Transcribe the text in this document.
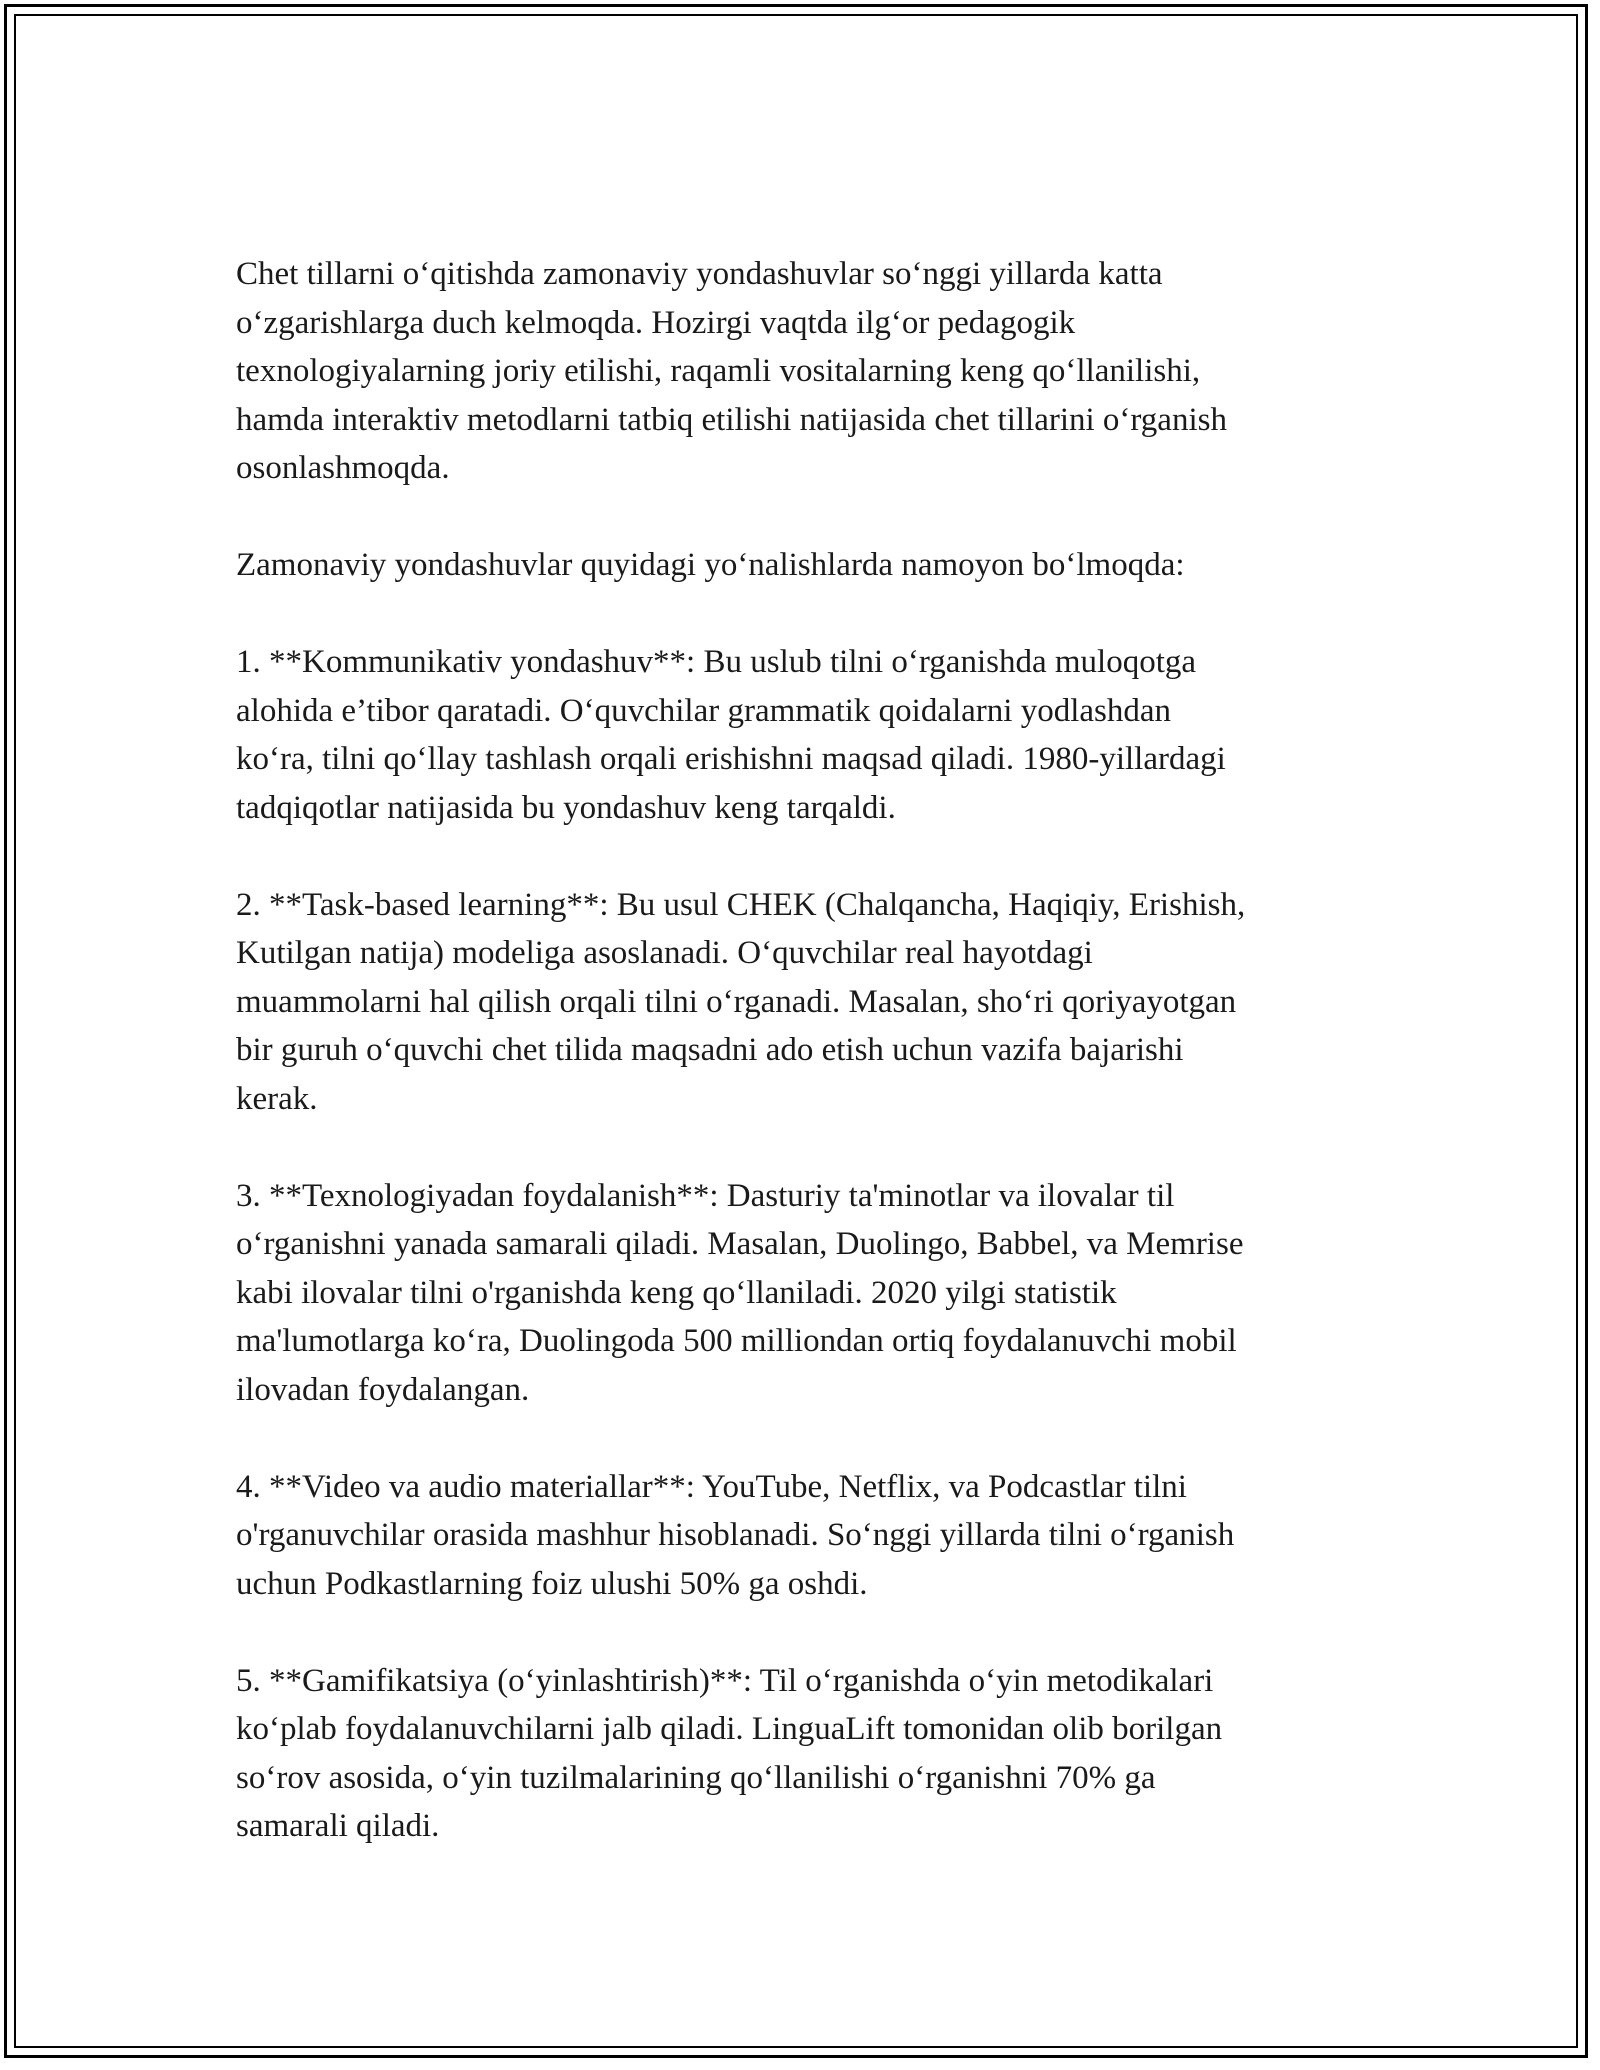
Chet tillarni o‘qitishda zamonaviy yondashuvlar so‘nggi yillarda katta
o‘zgarishlarga duch kelmoqda. Hozirgi vaqtda ilg‘or pedagogik
texnologiyalarning joriy etilishi, raqamli vositalarning keng qo‘llanilishi,
hamda interaktiv metodlarni tatbiq etilishi natijasida chet tillarini o‘rganish
osonlashmoqda.

Zamonaviy yondashuvlar quyidagi yo‘nalishlarda namoyon bo‘lmoqda:

1. **Kommunikativ yondashuv**: Bu uslub tilni o‘rganishda muloqotga
alohida e’tibor qaratadi. O‘quvchilar grammatik qoidalarni yodlashdan
ko‘ra, tilni qo‘llay tashlash orqali erishishni maqsad qiladi. 1980-yillardagi
tadqiqotlar natijasida bu yondashuv keng tarqaldi.

2. **Task-based learning**: Bu usul CHEK (Chalqancha, Haqiqiy, Erishish,
Kutilgan natija) modeliga asoslanadi. O‘quvchilar real hayotdagi
muammolarni hal qilish orqali tilni o‘rganadi. Masalan, sho‘ri qoriyayotgan
bir guruh o‘quvchi chet tilida maqsadni ado etish uchun vazifa bajarishi
kerak.

3. **Texnologiyadan foydalanish**: Dasturiy ta'minotlar va ilovalar til
o‘rganishni yanada samarali qiladi. Masalan, Duolingo, Babbel, va Memrise
kabi ilovalar tilni o'rganishda keng qo‘llaniladi. 2020 yilgi statistik
ma'lumotlarga ko‘ra, Duolingoda 500 milliondan ortiq foydalanuvchi mobil
ilovadan foydalangan.

4. **Video va audio materiallar**: YouTube, Netflix, va Podcastlar tilni
o'rganuvchilar orasida mashhur hisoblanadi. So‘nggi yillarda tilni o‘rganish
uchun Podkastlarning foiz ulushi 50% ga oshdi.

5. **Gamifikatsiya (o‘yinlashtirish)**: Til o‘rganishda o‘yin metodikalari
ko‘plab foydalanuvchilarni jalb qiladi. LinguaLift tomonidan olib borilgan
so‘rov asosida, o‘yin tuzilmalarining qo‘llanilishi o‘rganishni 70% ga
samarali qiladi.
